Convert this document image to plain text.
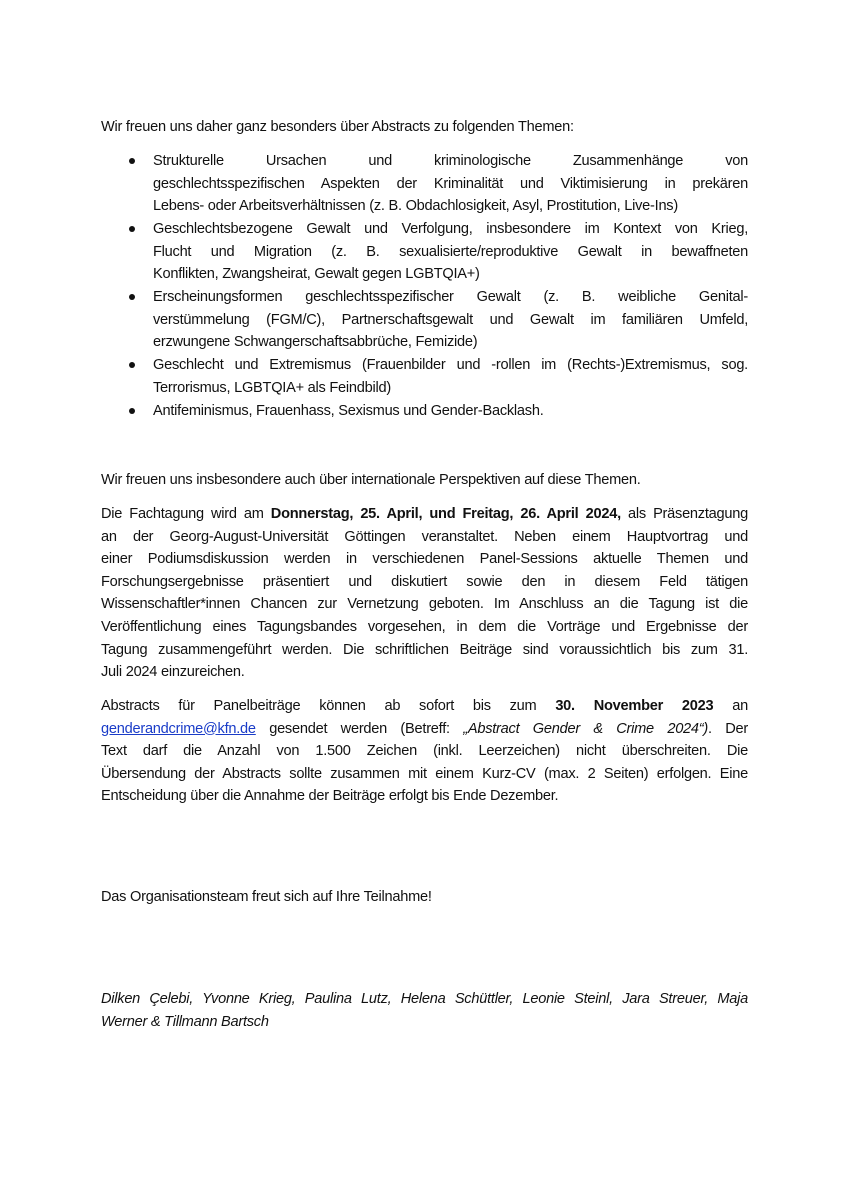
Wir freuen uns daher ganz besonders über Abstracts zu folgenden Themen:
Strukturelle Ursachen und kriminologische Zusammenhänge von
geschlechtsspezifischen Aspekten der Kriminalität und Viktimisierung in prekären
Lebens- oder Arbeitsverhältnissen (z. B. Obdachlosigkeit, Asyl, Prostitution, Live-Ins)
Geschlechtsbezogene Gewalt und Verfolgung, insbesondere im Kontext von Krieg,
Flucht und Migration (z. B. sexualisierte/reproduktive Gewalt in bewaffneten
Konflikten, Zwangsheirat, Gewalt gegen LGBTQIA+)
Erscheinungsformen geschlechtsspezifischer Gewalt (z. B. weibliche Genital-
verstümmelung (FGM/C), Partnerschaftsgewalt und Gewalt im familiären Umfeld,
erzwungene Schwangerschaftsabbrüche, Femizide)
Geschlecht und Extremismus (Frauenbilder und -rollen im (Rechts-)Extremismus, sog.
Terrorismus, LGBTQIA+ als Feindbild)
Antifeminismus, Frauenhass, Sexismus und Gender-Backlash.
Wir freuen uns insbesondere auch über internationale Perspektiven auf diese Themen.
Die Fachtagung wird am Donnerstag, 25. April, und Freitag, 26. April 2024, als Präsenztagung
an der Georg-August-Universität Göttingen veranstaltet. Neben einem Hauptvortrag und
einer Podiumsdiskussion werden in verschiedenen Panel-Sessions aktuelle Themen und
Forschungsergebnisse präsentiert und diskutiert sowie den in diesem Feld tätigen
Wissenschaftler*innen Chancen zur Vernetzung geboten. Im Anschluss an die Tagung ist die
Veröffentlichung eines Tagungsbandes vorgesehen, in dem die Vorträge und Ergebnisse der
Tagung zusammengeführt werden. Die schriftlichen Beiträge sind voraussichtlich bis zum 31.
Juli 2024 einzureichen.
Abstracts für Panelbeiträge können ab sofort bis zum 30. November 2023 an
genderandcrime@kfn.de gesendet werden (Betreff: „Abstract Gender & Crime 2024“). Der
Text darf die Anzahl von 1.500 Zeichen (inkl. Leerzeichen) nicht überschreiten. Die
Übersendung der Abstracts sollte zusammen mit einem Kurz-CV (max. 2 Seiten) erfolgen. Eine
Entscheidung über die Annahme der Beiträge erfolgt bis Ende Dezember.
Das Organisationsteam freut sich auf Ihre Teilnahme!
Dilken Çelebi, Yvonne Krieg, Paulina Lutz, Helena Schüttler, Leonie Steinl, Jara Streuer, Maja
Werner & Tillmann Bartsch
